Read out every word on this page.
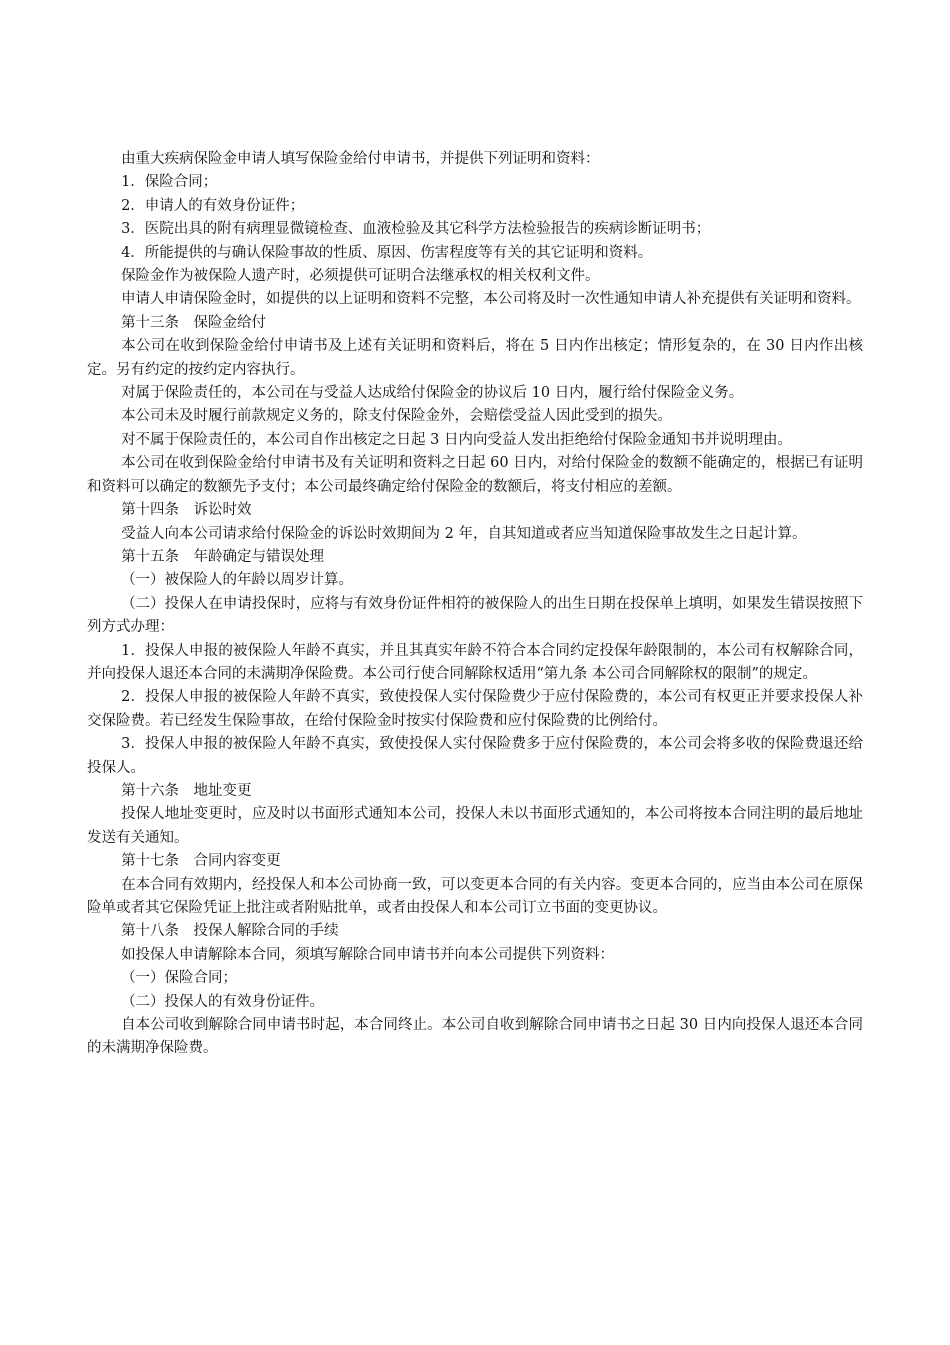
由重大疾病保险金申请人填写保险金给付申请书，并提供下列证明和资料：

1．保险合同；

2．申请人的有效身份证件；

3．医院出具的附有病理显微镜检查、血液检验及其它科学方法检验报告的疾病诊断证明书；

4．所能提供的与确认保险事故的性质、原因、伤害程度等有关的其它证明和资料。

保险金作为被保险人遗产时，必须提供可证明合法继承权的相关权利文件。

申请人申请保险金时，如提供的以上证明和资料不完整，本公司将及时一次性通知申请人补充提供有关证明和资料。

第十三条　保险金给付

本公司在收到保险金给付申请书及上述有关证明和资料后，将在 5 日内作出核定；情形复杂的，在 30 日内作出核定。另有约定的按约定内容执行。

对属于保险责任的，本公司在与受益人达成给付保险金的协议后 10 日内，履行给付保险金义务。

本公司未及时履行前款规定义务的，除支付保险金外，会赔偿受益人因此受到的损失。

对不属于保险责任的，本公司自作出核定之日起 3 日内向受益人发出拒绝给付保险金通知书并说明理由。

本公司在收到保险金给付申请书及有关证明和资料之日起 60 日内，对给付保险金的数额不能确定的，根据已有证明和资料可以确定的数额先予支付；本公司最终确定给付保险金的数额后，将支付相应的差额。

第十四条　诉讼时效

受益人向本公司请求给付保险金的诉讼时效期间为 2 年，自其知道或者应当知道保险事故发生之日起计算。

第十五条　年龄确定与错误处理

（一）被保险人的年龄以周岁计算。

（二）投保人在申请投保时，应将与有效身份证件相符的被保险人的出生日期在投保单上填明，如果发生错误按照下列方式办理：

1．投保人申报的被保险人年龄不真实，并且其真实年龄不符合本合同约定投保年龄限制的，本公司有权解除合同，并向投保人退还本合同的未满期净保险费。本公司行使合同解除权适用“第九条 本公司合同解除权的限制”的规定。

2．投保人申报的被保险人年龄不真实，致使投保人实付保险费少于应付保险费的，本公司有权更正并要求投保人补交保险费。若已经发生保险事故，在给付保险金时按实付保险费和应付保险费的比例给付。

3．投保人申报的被保险人年龄不真实，致使投保人实付保险费多于应付保险费的，本公司会将多收的保险费退还给投保人。

第十六条　地址变更

投保人地址变更时，应及时以书面形式通知本公司，投保人未以书面形式通知的，本公司将按本合同注明的最后地址发送有关通知。

第十七条　合同内容变更

在本合同有效期内，经投保人和本公司协商一致，可以变更本合同的有关内容。变更本合同的，应当由本公司在原保险单或者其它保险凭证上批注或者附贴批单，或者由投保人和本公司订立书面的变更协议。

第十八条　投保人解除合同的手续

如投保人申请解除本合同，须填写解除合同申请书并向本公司提供下列资料：

（一）保险合同；

（二）投保人的有效身份证件。

自本公司收到解除合同申请书时起，本合同终止。本公司自收到解除合同申请书之日起 30 日内向投保人退还本合同的未满期净保险费。
